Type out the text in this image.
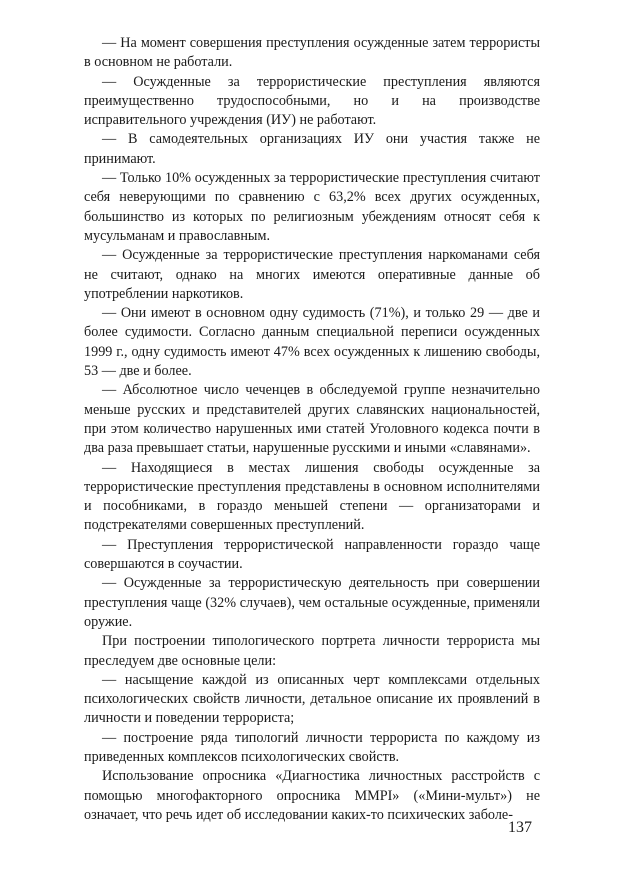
— На момент совершения преступления осужденные затем террористы в основном не работали.

— Осужденные за террористические преступления являются преимущественно трудоспособными, но и на производстве исправительного учреждения (ИУ) не работают.

— В самодеятельных организациях ИУ они участия также не принимают.

— Только 10% осужденных за террористические преступления считают себя неверующими по сравнению с 63,2% всех других осужденных, большинство из которых по религиозным убеждениям относят себя к мусульманам и православным.

— Осужденные за террористические преступления наркоманами себя не считают, однако на многих имеются оперативные данные об употреблении наркотиков.

— Они имеют в основном одну судимость (71%), и только 29 — две и более судимости. Согласно данным специальной переписи осужденных 1999 г., одну судимость имеют 47% всех осужденных к лишению свободы, 53 — две и более.

— Абсолютное число чеченцев в обследуемой группе незначительно меньше русских и представителей других славянских национальностей, при этом количество нарушенных ими статей Уголовного кодекса почти в два раза превышает статьи, нарушенные русскими и иными «славянами».

— Находящиеся в местах лишения свободы осужденные за террористические преступления представлены в основном исполнителями и пособниками, в гораздо меньшей степени — организаторами и подстрекателями совершенных преступлений.

— Преступления террористической направленности гораздо чаще совершаются в соучастии.

— Осужденные за террористическую деятельность при совершении преступления чаще (32% случаев), чем остальные осужденные, применяли оружие.

При построении типологического портрета личности террориста мы преследуем две основные цели:

— насыщение каждой из описанных черт комплексами отдельных психологических свойств личности, детальное описание их проявлений в личности и поведении террориста;

— построение ряда типологий личности террориста по каждому из приведенных комплексов психологических свойств.

Использование опросника «Диагностика личностных расстройств с помощью многофакторного опросника MMPI» («Мини-мульт») не означает, что речь идет об исследовании каких-то психических заболе-

137
